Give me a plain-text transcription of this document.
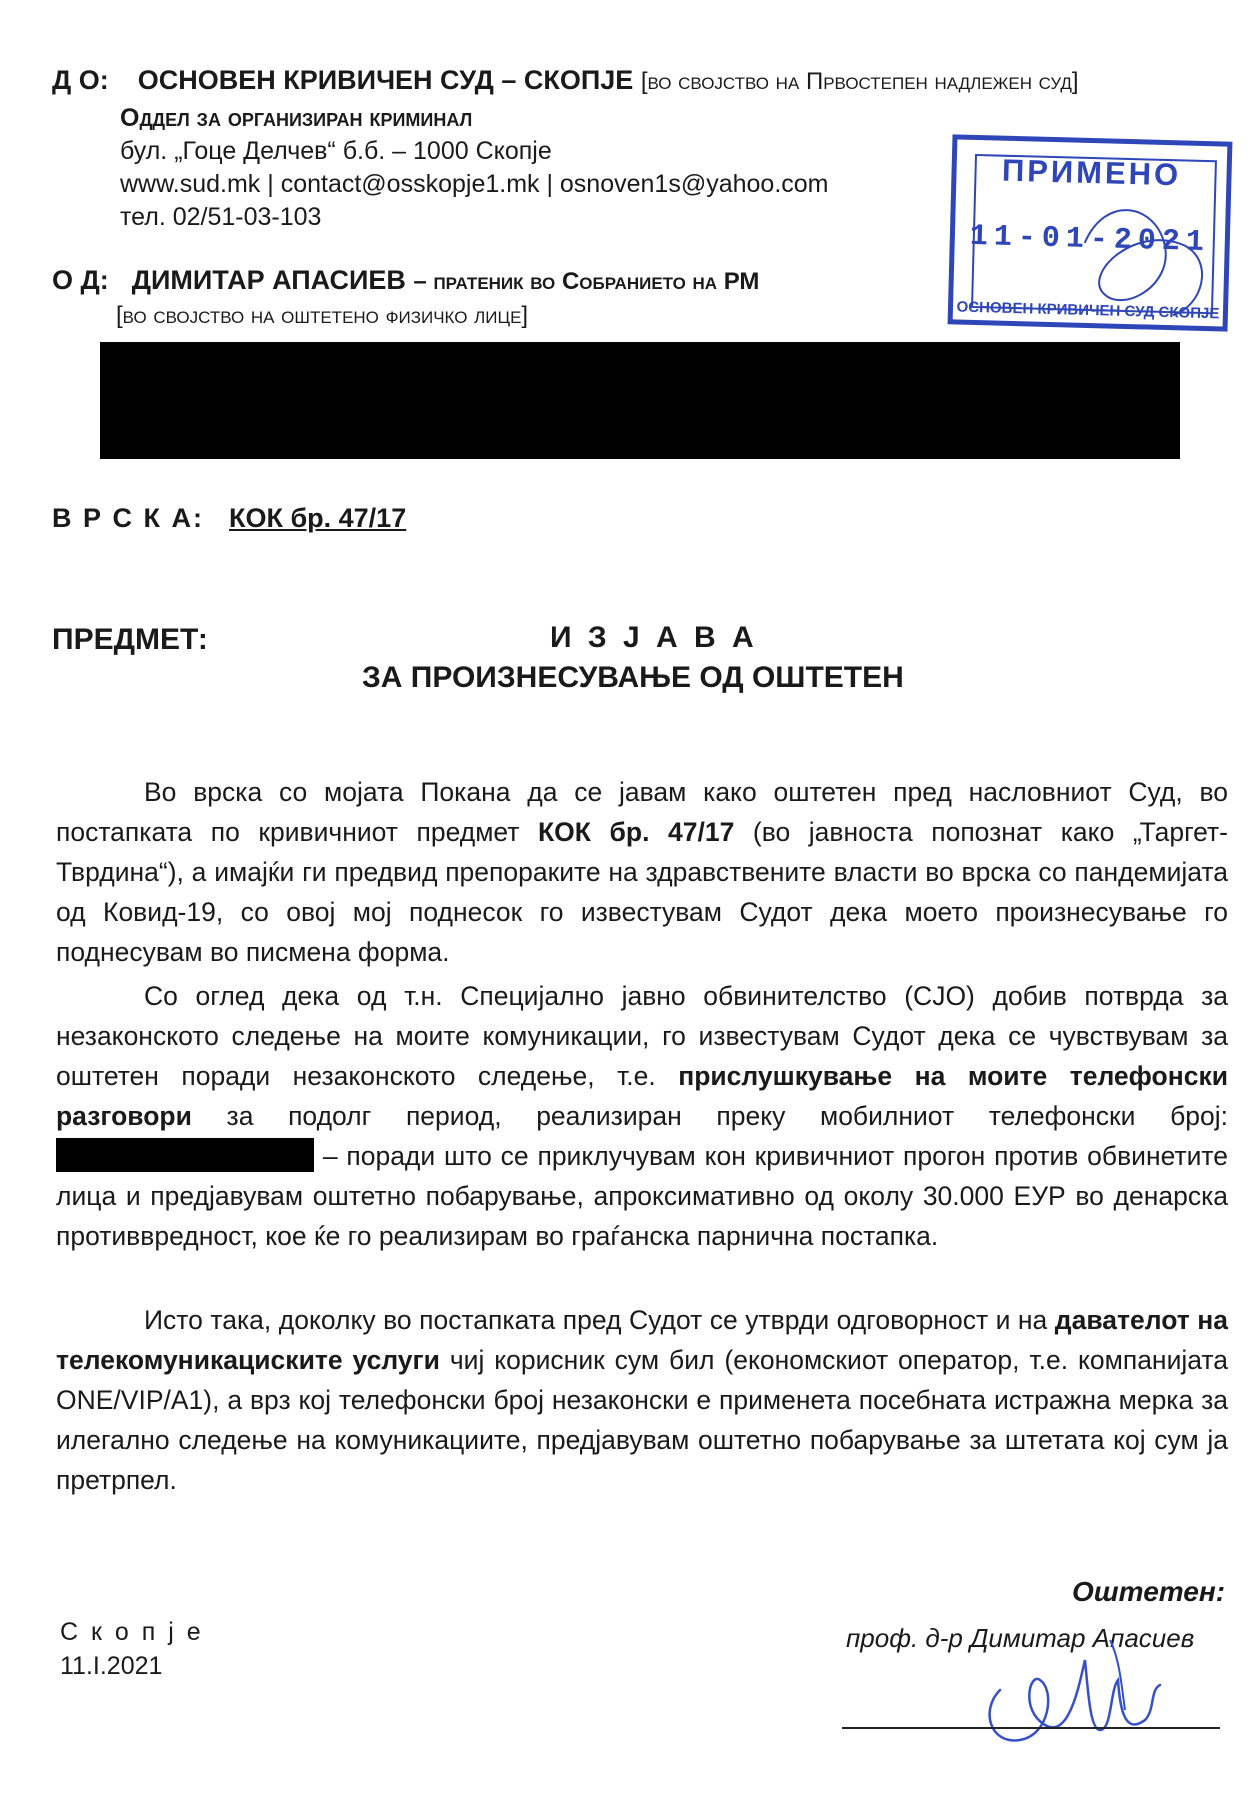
Д О: ОСНОВЕН КРИВИЧЕН СУД – СКОПЈЕ [во својство на Првостепен надлежен суд]
Оддел за организиран криминал
бул. „Гоце Делчев“ б.б. – 1000 Скопје
www.sud.mk | contact@osskopje1.mk | osnoven1s@yahoo.com
тел. 02/51-03-103
О Д: ДИМИТАР АПАСИЕВ – пратеник во Собранието на РМ
[во својство на оштетено физичко лице]
В Р С К А: КОК бр. 47/17
ПРЕДМЕТ:	И З Ј А В А
ЗА ПРОИЗНЕСУВАЊЕ ОД ОШТЕТЕН
Во врска со мојата Покана да се јавам како оштетен пред насловниот Суд, во постапката по кривичниот предмет КОК бр. 47/17 (во јавноста попознат како „Таргет-Тврдина“), а имајќи ги предвид препораките на здравствените власти во врска со пандемијата од Ковид-19, со овој мој поднесок го известувам Судот дека моето произнесување го поднесувам во писмена форма.
Со оглед дека од т.н. Специјално јавно обвинителство (СЈО) добив потврда за незаконското следење на моите комуникации, го известувам Судот дека се чувствувам за оштетен поради незаконското следење, т.е. прислушкување на моите телефонски разговори за подолг период, реализиран преку мобилниот телефонски број: – поради што се приклучувам кон кривичниот прогон против обвинетите лица и предјавувам оштетно побарување, апроксимативно од околу 30.000 ЕУР во денарска противвредност, кое ќе го реализирам во граѓанска парнична постапка.
Исто така, доколку во постапката пред Судот се утврди одговорност и на давателот на телекомуникациските услуги чиј корисник сум бил (економскиот оператор, т.е. компанијата ONE/VIP/A1), а врз кој телефонски број незаконски е применета посебната истражна мерка за илегално следење на комуникациите, предјавувам оштетно побарување за штетата кој сум ја претрпел.
С к о п ј е
11.I.2021
Оштетен:
проф. д-р Димитар Апасиев
ПРИМЕНО
11-01-2021
ОСНОВЕН КРИВИЧЕН СУД СКОПЈЕ
